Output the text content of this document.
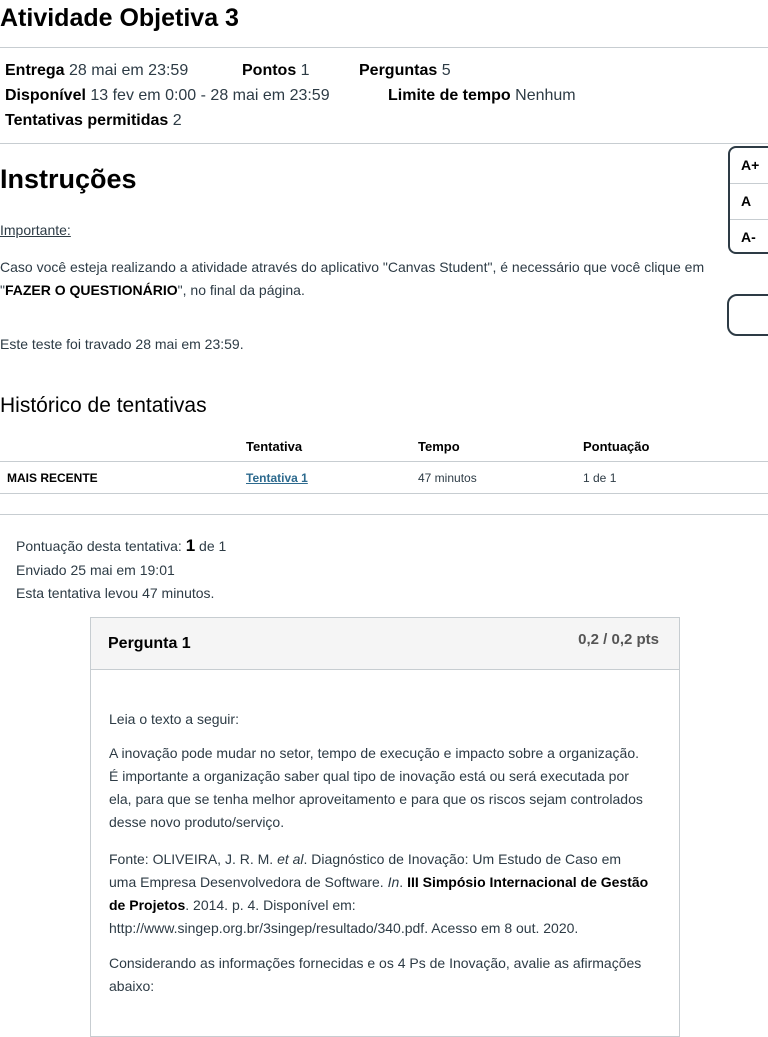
Atividade Objetiva 3
Entrega 28 mai em 23:59	Pontos 1	Perguntas 5
Disponível 13 fev em 0:00 - 28 mai em 23:59	Limite de tempo Nenhum
Tentativas permitidas 2
Instruções
Importante:
Caso você esteja realizando a atividade através do aplicativo "Canvas Student", é necessário que você clique em
"FAZER O QUESTIONÁRIO", no final da página.
Este teste foi travado 28 mai em 23:59.
A+
A
A-
Histórico de tentativas
	Tentativa	Tempo	Pontuação
MAIS RECENTE	Tentativa 1	47 minutos	1 de 1
Pontuação desta tentativa: 1 de 1
Enviado 25 mai em 19:01
Esta tentativa levou 47 minutos.
Pergunta 1	0,2 / 0,2 pts
Leia o texto a seguir:
A inovação pode mudar no setor, tempo de execução e impacto sobre a organização. É importante a organização saber qual tipo de inovação está ou será executada por ela, para que se tenha melhor aproveitamento e para que os riscos sejam controlados desse novo produto/serviço.
Fonte: OLIVEIRA, J. R. M. et al. Diagnóstico de Inovação: Um Estudo de Caso em uma Empresa Desenvolvedora de Software. In. III Simpósio Internacional de Gestão de Projetos. 2014. p. 4. Disponível em: http://www.singep.org.br/3singep/resultado/340.pdf. Acesso em 8 out. 2020.
Considerando as informações fornecidas e os 4 Ps de Inovação, avalie as afirmações abaixo:
